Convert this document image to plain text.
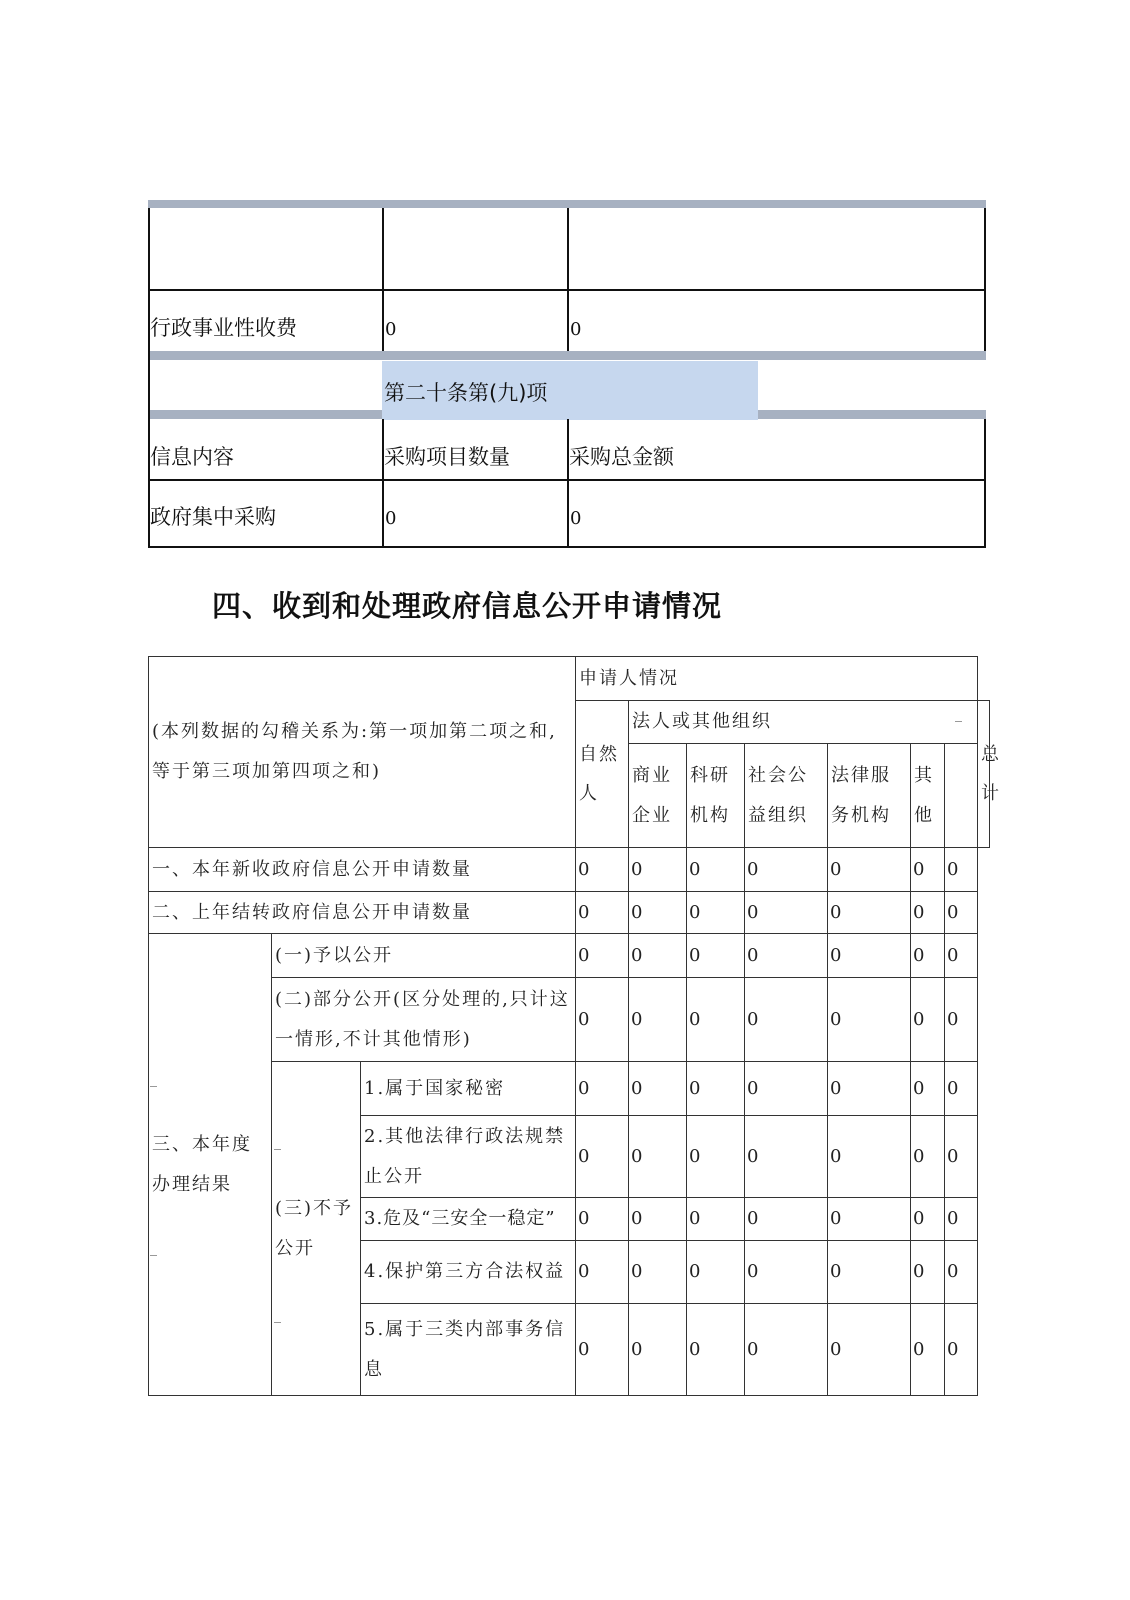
行政事业性收费	0	0
第二十条第(九)项
信息内容	采购项目数量	采购总金额
政府集中采购	0	0
四、收到和处理政府信息公开申请情况
(本列数据的勾稽关系为:第一项加第二项之和,等于第三项加第四项之和)			申请人情况							
			自然人	法人或其他组织						总计
				商业企业	科研机构	社会公益组织	法律服务机构	其他		
一、本年新收政府信息公开申请数量			0	0	0	0	0	0	0	
二、上年结转政府信息公开申请数量			0	0	0	0	0	0	0	
三、本年度办理结果	(一)予以公开		0	0	0	0	0	0	0	
	(二)部分公开(区分处理的,只计这一情形,不计其他情形)		0	0	0	0	0	0	0	
	(三)不予公开	1.属于国家秘密	0	0	0	0	0	0	0	
		2.其他法律行政法规禁止公开	0	0	0	0	0	0	0	
		3.危及“三安全一稳定”	0	0	0	0	0	0	0	
		4.保护第三方合法权益	0	0	0	0	0	0	0	
		5.属于三类内部事务信息	0	0	0	0	0	0	0	
